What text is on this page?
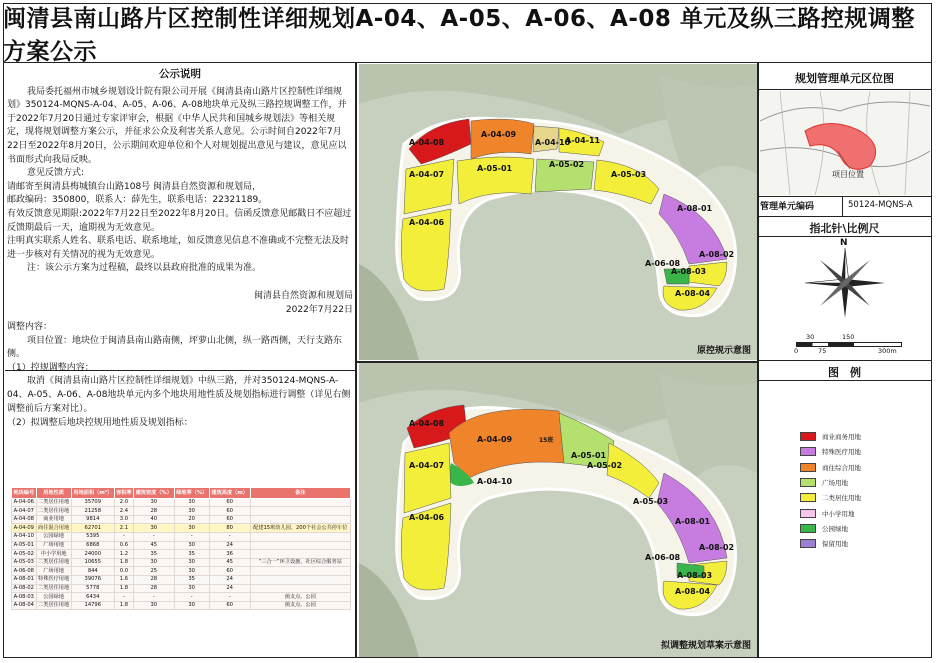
闽清县南山路片区控制性详细规划A-04、A-05、A-06、A-08 单元及纵三路控规调整方案公示
公示说明

我局委托福州市城乡规划设计院有限公司开展《闽清县南山路片区控制性详细规划》350124-MQNS-A-04、A-05、A-06、A-08地块单元及纵三路控规调整工作，并于2022年7月20日通过专家评审会，根据《中华人民共和国城乡规划法》等相关规定，现将规划调整方案公示，并征求公众及利害关系人意见。公示时间自2022年7月22日至2022年8月20日，公示期间欢迎单位和个人对规划提出意见与建议，意见应以书面形式向我局反映。

意见反馈方式:

请邮寄至闽清县梅城镇台山路108号 闽清县自然资源和规划局，

邮政编码：350800，联系人：薛先生，联系电话：22321189。

有效反馈意见期限:2022年7月22日至2022年8月20日。信函反馈意见邮戳日不应超过反馈期最后一天，逾期视为无效意见。

注明真实联系人姓名、联系电话、联系地址，如反馈意见信息不准确或不完整无法及时进一步核对有关情况的视为无效意见。

注：该公示方案为过程稿，最终以县政府批准的成果为准。

闽清县自然资源和规划局

2022年7月22日

调整内容：

项目位置：地块位于闽清县南山路南侧，坪萝山北侧，纵一路西侧，天行支路东侧。

（1）控规调整内容：

取消《闽清县南山路片区控制性详细规划》中纵三路，并对350124-MQNS-A-04、A-05、A-06、A-08地块单元内多个地块用地性质及规划指标进行调整（详见右侧调整前后方案对比）。

（2）拟调整后地块控规用地性质及规划指标：

地块编号	用地性质	用地面积（m²）	容积率	建筑密度（%）	绿地率（%）	建筑高度（m）	备注
A-04-06	二类居住用地	35709	2.0	30	30	60	
A-04-07	二类居住用地	21258	2.4	28	30	60	
A-04-08	商业用地	9814	3.0	40	20	60	
A-04-09	商住混合用地	62701	2.1	30	30	80	配建15班幼儿园、200个社会公共停车位
A-04-10	公园绿地	5395	-	-	-	-	
A-05-01	广场用地	6868	0.6	45	30	24	
A-05-02	中小学用地	24000	1.2	35	35	36	
A-05-03	二类居住用地	10655	1.8	30	30	45	“三合一”环卫设施、社区综合服务站
A-06-08	广场用地	844	0.0	25	30	60	
A-08-01	特殊医疗用地	39076	1.6	28	35	24	
A-08-02	二类居住用地	5778	1.8	28	30	24	
A-08-03	公园绿地	6434	-	-	-	-	菌支点、公园
A-08-04	二类居住用地	14796	1.8	30	30	60	菌支点、公园
A-04-08
A-04-09
A-04-10
A-04-11
A-04-07
A-05-01	A-05-02
A-05-03
A-04-06
A-08-01
A-06-08
A-08-02
A-08-03
A-08-04
原控规示意图
A-04-08
A-04-09	15班
A-05-01
A-04-07	A-05-02
A-04-10
A-05-03
A-04-06	A-08-01
A-06-08
A-08-02
A-08-03
A-08-04
拟调整规划草案示意图
规划管理单元区位图
项目位置
管理单元编码	50124-MQNS-A
指北针\比例尺
N
30	150
0	75	300m
图　例
商业商务用地
特殊医疗用地
商住综合用地
广场用地
二类居住用地
中小学用地
公园绿地
保留用地
